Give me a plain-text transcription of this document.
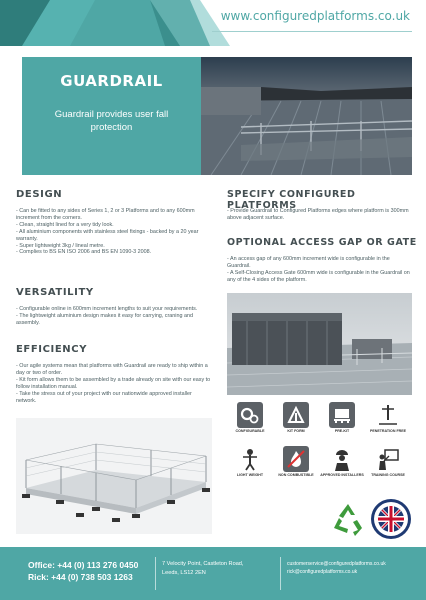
www.configuredplatforms.co.uk
GUARDRAIL
Guardrail provides user fall protection
DESIGN

- Can be fitted to any sides of Series 1, 2 or 3 Platforms and to any 600mm increment from the corners.

- Clean, straight lined for a very tidy look.

- All aluminium components with stainless steel fixings - backed by a 20 year warranty.

- Super lightweight 3kg / lineal metre.

- Complies to BS EN ISO 2006 and BS EN 1090-3 2008.

VERSATILITY

- Configurable online in 600mm increment lengths to suit your requirements.

- The lightweight aluminium design makes it easy for carrying, craning and assembly.

EFFICIENCY

- Our agile systems mean that platforms with Guardrail are ready to ship within a day or two of order.

- Kit form allows them to be assembled by a trade already on site with our easy to follow installation manual.

- Take the stress out of your project with our nationwide approved installer network.

SPECIFY CONFIGURED PLATFORMS

- Provide Guardrail to Configured Platforms edges where platform is 300mm above adjacent surface.

OPTIONAL ACCESS GAP OR GATE

- An access gap of any 600mm increment wide is configurable in the Guardrail.

- A Self-Closing Access Gate 600mm wide is configurable in the Guardrail on any of the 4 sides of the platform.

CONFIGURABLE	KIT FORM	PRE-KIT	PENETRATION FREE
LIGHT WEIGHT	NON COMBUSTIBLE	APPROVED INSTALLERS	TRAINING COURSE
Office: +44 (0) 113 276 0450
Rick: +44 (0) 738 503 1263
7 Velocity Point, Castleton Road,
Leeds, LS12 2EN
customerservice@configuredplatforms.co.uk
rick@configuredplatforms.co.uk
